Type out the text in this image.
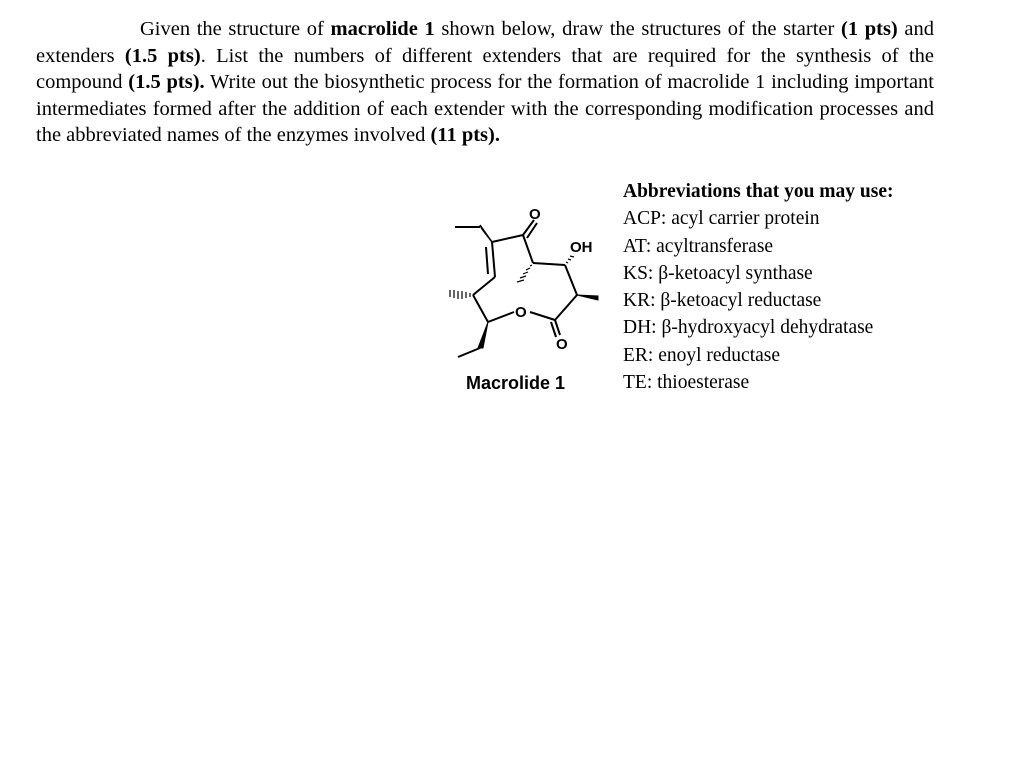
Given the structure of macrolide 1 shown below, draw the structures of the starter (1 pts) and extenders (1.5 pts). List the numbers of different extenders that are required for the synthesis of the compound (1.5 pts). Write out the biosynthetic process for the formation of macrolide 1 including important intermediates formed after the addition of each extender with the corresponding modification processes and the abbreviated names of the enzymes involved (11 pts).
O
OH
O
O
Macrolide 1
Abbreviations that you may use:
ACP: acyl carrier protein
AT: acyltransferase
KS: β-ketoacyl synthase
KR: β-ketoacyl reductase
DH: β-hydroxyacyl dehydratase
ER: enoyl reductase
TE: thioesterase
